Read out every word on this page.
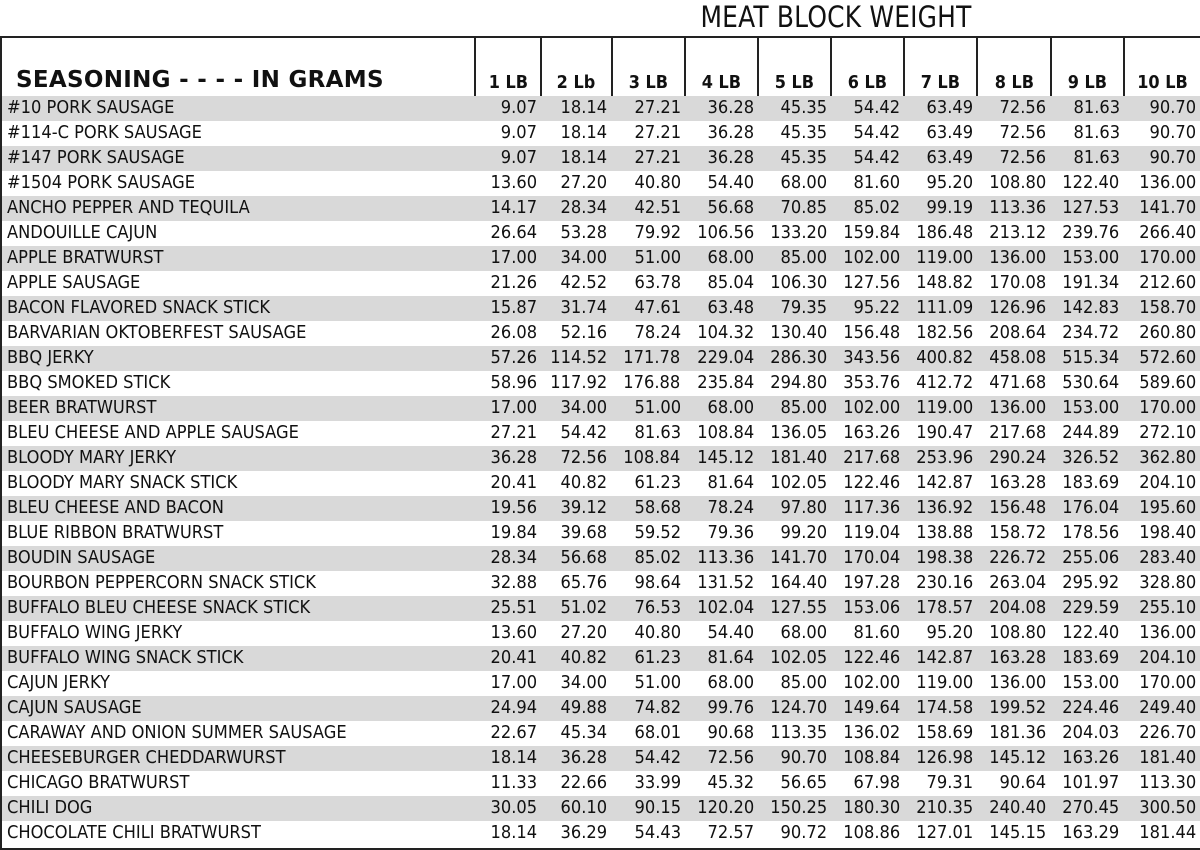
MEAT BLOCK WEIGHT
SEASONING - - - - IN GRAMS	1 LB	2 Lb	3 LB	4 LB	5 LB	6 LB	7 LB	8 LB	9 LB	10 LB
#10 PORK SAUSAGE	9.07	18.14	27.21	36.28	45.35	54.42	63.49	72.56	81.63	90.70
#114-C PORK SAUSAGE	9.07	18.14	27.21	36.28	45.35	54.42	63.49	72.56	81.63	90.70
#147 PORK SAUSAGE	9.07	18.14	27.21	36.28	45.35	54.42	63.49	72.56	81.63	90.70
#1504 PORK SAUSAGE	13.60	27.20	40.80	54.40	68.00	81.60	95.20	108.80	122.40	136.00
ANCHO PEPPER AND TEQUILA	14.17	28.34	42.51	56.68	70.85	85.02	99.19	113.36	127.53	141.70
ANDOUILLE CAJUN	26.64	53.28	79.92	106.56	133.20	159.84	186.48	213.12	239.76	266.40
APPLE BRATWURST	17.00	34.00	51.00	68.00	85.00	102.00	119.00	136.00	153.00	170.00
APPLE SAUSAGE	21.26	42.52	63.78	85.04	106.30	127.56	148.82	170.08	191.34	212.60
BACON FLAVORED SNACK STICK	15.87	31.74	47.61	63.48	79.35	95.22	111.09	126.96	142.83	158.70
BARVARIAN OKTOBERFEST SAUSAGE	26.08	52.16	78.24	104.32	130.40	156.48	182.56	208.64	234.72	260.80
BBQ JERKY	57.26	114.52	171.78	229.04	286.30	343.56	400.82	458.08	515.34	572.60
BBQ SMOKED STICK	58.96	117.92	176.88	235.84	294.80	353.76	412.72	471.68	530.64	589.60
BEER BRATWURST	17.00	34.00	51.00	68.00	85.00	102.00	119.00	136.00	153.00	170.00
BLEU CHEESE AND APPLE SAUSAGE	27.21	54.42	81.63	108.84	136.05	163.26	190.47	217.68	244.89	272.10
BLOODY MARY JERKY	36.28	72.56	108.84	145.12	181.40	217.68	253.96	290.24	326.52	362.80
BLOODY MARY SNACK STICK	20.41	40.82	61.23	81.64	102.05	122.46	142.87	163.28	183.69	204.10
BLEU CHEESE AND BACON	19.56	39.12	58.68	78.24	97.80	117.36	136.92	156.48	176.04	195.60
BLUE RIBBON BRATWURST	19.84	39.68	59.52	79.36	99.20	119.04	138.88	158.72	178.56	198.40
BOUDIN SAUSAGE	28.34	56.68	85.02	113.36	141.70	170.04	198.38	226.72	255.06	283.40
BOURBON PEPPERCORN SNACK STICK	32.88	65.76	98.64	131.52	164.40	197.28	230.16	263.04	295.92	328.80
BUFFALO BLEU CHEESE SNACK STICK	25.51	51.02	76.53	102.04	127.55	153.06	178.57	204.08	229.59	255.10
BUFFALO WING JERKY	13.60	27.20	40.80	54.40	68.00	81.60	95.20	108.80	122.40	136.00
BUFFALO WING SNACK STICK	20.41	40.82	61.23	81.64	102.05	122.46	142.87	163.28	183.69	204.10
CAJUN JERKY	17.00	34.00	51.00	68.00	85.00	102.00	119.00	136.00	153.00	170.00
CAJUN SAUSAGE	24.94	49.88	74.82	99.76	124.70	149.64	174.58	199.52	224.46	249.40
CARAWAY AND ONION SUMMER SAUSAGE	22.67	45.34	68.01	90.68	113.35	136.02	158.69	181.36	204.03	226.70
CHEESEBURGER CHEDDARWURST	18.14	36.28	54.42	72.56	90.70	108.84	126.98	145.12	163.26	181.40
CHICAGO BRATWURST	11.33	22.66	33.99	45.32	56.65	67.98	79.31	90.64	101.97	113.30
CHILI DOG	30.05	60.10	90.15	120.20	150.25	180.30	210.35	240.40	270.45	300.50
CHOCOLATE CHILI BRATWURST	18.14	36.29	54.43	72.57	90.72	108.86	127.01	145.15	163.29	181.44
